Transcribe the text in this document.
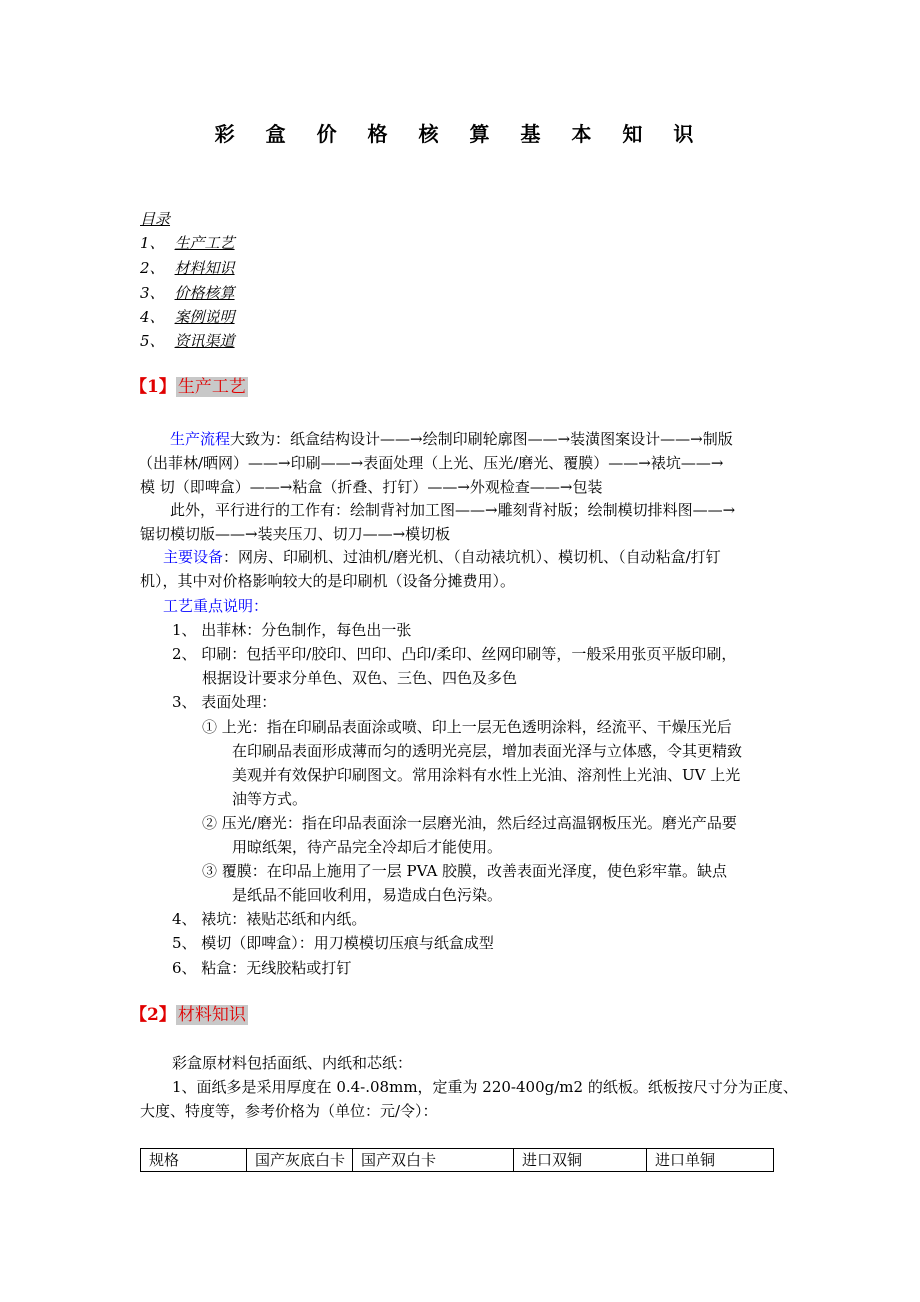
彩 盒 价 格 核 算 基 本 知 识
目录
1、 生产工艺
2、 材料知识
3、 价格核算
4、 案例说明
5、 资讯渠道
【1】 生产工艺
生产流程大致为：纸盒结构设计——→绘制印刷轮廓图——→装潢图案设计——→制版
（出菲林/晒网）——→印刷——→表面处理（上光、压光/磨光、覆膜）——→裱坑——→
模 切（即啤盒）——→粘盒（折叠、打钉）——→外观检查——→包装
此外，平行进行的工作有：绘制背衬加工图——→雕刻背衬版；绘制模切排料图——→
锯切模切版——→装夹压刀、切刀——→模切板
主要设备：网房、印刷机、过油机/磨光机、（自动裱坑机）、模切机、（自动粘盒/打钉
机），其中对价格影响较大的是印刷机（设备分摊费用）。
工艺重点说明：
1、 出菲林：分色制作，每色出一张
2、 印刷：包括平印/胶印、凹印、凸印/柔印、丝网印刷等，一般采用张页平版印刷，
根据设计要求分单色、双色、三色、四色及多色
3、 表面处理：
① 上光：指在印刷品表面涂或喷、印上一层无色透明涂料，经流平、干燥压光后
在印刷品表面形成薄而匀的透明光亮层，增加表面光泽与立体感，令其更精致
美观并有效保护印刷图文。常用涂料有水性上光油、溶剂性上光油、UV 上光
油等方式。
② 压光/磨光：指在印品表面涂一层磨光油，然后经过高温钢板压光。磨光产品要
用晾纸架，待产品完全冷却后才能使用。
③ 覆膜：在印品上施用了一层 PVA 胶膜，改善表面光泽度，使色彩牢靠。缺点
是纸品不能回收利用，易造成白色污染。
4、 裱坑：裱贴芯纸和内纸。
5、 模切（即啤盒）：用刀模模切压痕与纸盒成型
6、 粘盒：无线胶粘或打钉
【2】 材料知识
彩盒原材料包括面纸、内纸和芯纸：
1、面纸多是采用厚度在 0.4-.08mm，定重为 220-400g/m2 的纸板。纸板按尺寸分为正度、
大度、特度等，参考价格为（单位：元/令）：
规格	国产灰底白卡	国产双白卡	进口双铜	进口单铜
